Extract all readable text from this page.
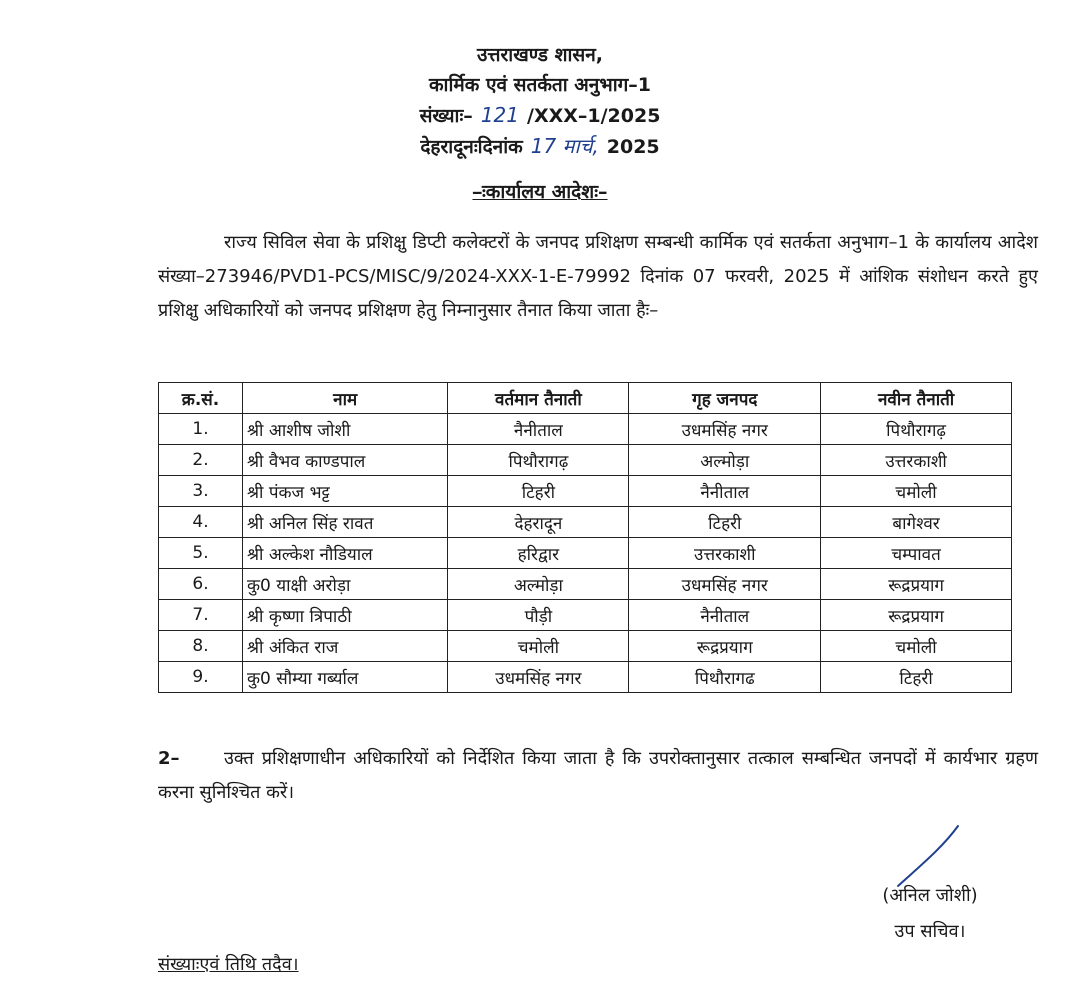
उत्तराखण्ड शासन,
कार्मिक एवं सतर्कता अनुभाग–1
संख्याः– 121 /XXX–1/2025
देहरादूनःदिनांक 17 मार्च, 2025
–ःकार्यालय आदेशः–
राज्य सिविल सेवा के प्रशिक्षु डिप्टी कलेक्टरों के जनपद प्रशिक्षण सम्बन्धी कार्मिक एवं सतर्कता अनुभाग–1 के कार्यालय आदेश संख्या–273946/PVD1-PCS/MISC/9/2024-XXX-1-E-79992 दिनांक 07 फरवरी, 2025 में आंशिक संशोधन करते हुए प्रशिक्षु अधिकारियों को जनपद प्रशिक्षण हेतु निम्नानुसार तैनात किया जाता हैः–
क्र.सं.	नाम	वर्तमान तैनाती	गृह जनपद	नवीन तैनाती
1.	श्री आशीष जोशी	नैनीताल	उधमसिंह नगर	पिथौरागढ़
2.	श्री वैभव काण्डपाल	पिथौरागढ़	अल्मोड़ा	उत्तरकाशी
3.	श्री पंकज भट्ट	टिहरी	नैनीताल	चमोली
4.	श्री अनिल सिंह रावत	देहरादून	टिहरी	बागेश्वर
5.	श्री अल्केश नौडियाल	हरिद्वार	उत्तरकाशी	चम्पावत
6.	कु0 याक्षी अरोड़ा	अल्मोड़ा	उधमसिंह नगर	रूद्रप्रयाग
7.	श्री कृष्णा त्रिपाठी	पौड़ी	नैनीताल	रूद्रप्रयाग
8.	श्री अंकित राज	चमोली	रूद्रप्रयाग	चमोली
9.	कु0 सौम्या गर्ब्याल	उधमसिंह नगर	पिथौरागढ	टिहरी
2– उक्त प्रशिक्षणाधीन अधिकारियों को निर्देशित किया जाता है कि उपरोक्तानुसार तत्काल सम्बन्धित जनपदों में कार्यभार ग्रहण करना सुनिश्चित करें।
(अनिल जोशी)
उप सचिव।
संख्याःएवं तिथि तदैव।
